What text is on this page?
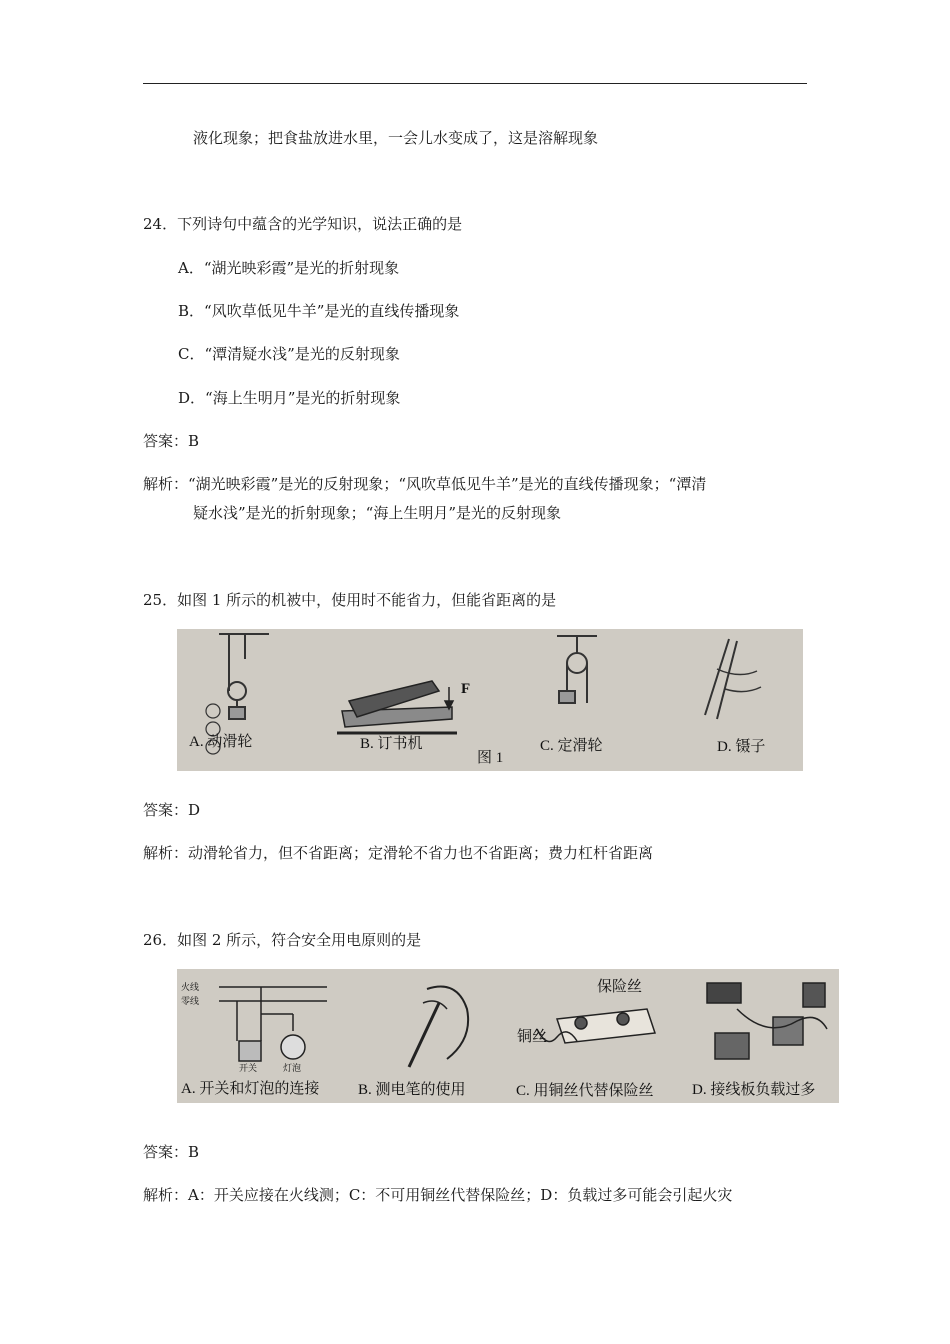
液化现象；把食盐放进水里，一会儿水变成了，这是溶解现象
24．下列诗句中蕴含的光学知识，说法正确的是
A．“湖光映彩霞”是光的折射现象
B．“风吹草低见牛羊”是光的直线传播现象
C．“潭清疑水浅”是光的反射现象
D．“海上生明月”是光的折射现象
答案：B
解析：“湖光映彩霞”是光的反射现象；“风吹草低见牛羊”是光的直线传播现象；“潭清
疑水浅”是光的折射现象；“海上生明月”是光的反射现象
25．如图 1 所示的机被中，使用时不能省力，但能省距离的是
F
A. 动滑轮	B. 订书机	C. 定滑轮	D. 镊子
图 1
答案：D
解析：动滑轮省力，但不省距离；定滑轮不省力也不省距离；费力杠杆省距离
26．如图 2 所示，符合安全用电原则的是
火线
零线
开关	灯泡
保险丝
铜丝
A. 开关和灯泡的连接	B. 测电笔的使用	C. 用铜丝代替保险丝	D. 接线板负载过多
答案：B
解析：A：开关应接在火线测；C：不可用铜丝代替保险丝；D：负载过多可能会引起火灾
